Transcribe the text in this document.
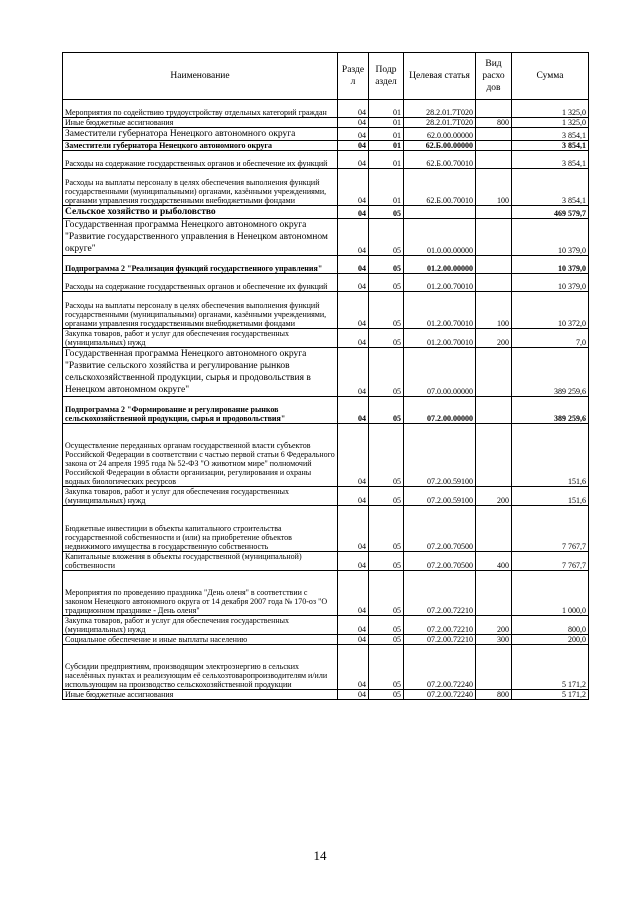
Наименование	Разде л	Подр аздел	Целевая статья	Вид расхо дов	Сумма
Мероприятия по содействию трудоустройству отдельных категорий граждан	04	01	28.2.01.7Т020		1 325,0
Иные бюджетные ассигнования	04	01	28.2.01.7Т020	800	1 325,0
Заместители губернатора Ненецкого автономного округа	04	01	62.0.00.00000		3 854,1
Заместители губернатора Ненецкого автономного округа	04	01	62.Б.00.00000		3 854,1
Расходы на содержание государственных органов и обеспечение их функций	04	01	62.Б.00.70010		3 854,1
Расходы на выплаты персоналу в целях обеспечения выполнения функций государственными (муниципальными) органами, казёнными учреждениями, органами управления государственными внебюджетными фондами	04	01	62.Б.00.70010	100	3 854,1
Сельское хозяйство и рыболовство	04	05			469 579,7
Государственная программа Ненецкого автономного округа "Развитие государственного управления в Ненецком автономном округе"	04	05	01.0.00.00000		10 379,0
Подпрограмма 2 "Реализация функций государственного управления"	04	05	01.2.00.00000		10 379,0
Расходы на содержание государственных органов и обеспечение их функций	04	05	01.2.00.70010		10 379,0
Расходы на выплаты персоналу в целях обеспечения выполнения функций государственными (муниципальными) органами, казёнными учреждениями, органами управления государственными внебюджетными фондами	04	05	01.2.00.70010	100	10 372,0
Закупка товаров, работ и услуг для обеспечения государственных (муниципальных) нужд	04	05	01.2.00.70010	200	7,0
Государственная программа Ненецкого автономного округа "Развитие сельского хозяйства и регулирование рынков сельскохозяйственной продукции, сырья и продовольствия в Ненецком автономном округе"	04	05	07.0.00.00000		389 259,6
Подпрограмма 2 "Формирование и регулирование рынков сельскохозяйственной продукции, сырья и продовольствия"	04	05	07.2.00.00000		389 259,6
Осуществление переданных органам государственной власти субъектов Российской Федерации в соответствии с частью первой статьи 6 Федерального закона от 24 апреля 1995 года № 52-ФЗ "О животном мире" полномочий Российской Федерации в области организации, регулирования и охраны водных биологических ресурсов	04	05	07.2.00.59100		151,6
Закупка товаров, работ и услуг для обеспечения государственных (муниципальных) нужд	04	05	07.2.00.59100	200	151,6
Бюджетные инвестиции в объекты капитального строительства государственной собственности и (или) на приобретение объектов недвижимого имущества в государственную собственность	04	05	07.2.00.70500		7 767,7
Капитальные вложения в объекты государственной (муниципальной) собственности	04	05	07.2.00.70500	400	7 767,7
Мероприятия по проведению праздника "День оленя" в соответствии с законом Ненецкого автономного округа от 14 декабря 2007 года № 170-оз "О традиционном празднике - День оленя"	04	05	07.2.00.72210		1 000,0
Закупка товаров, работ и услуг для обеспечения государственных (муниципальных) нужд	04	05	07.2.00.72210	200	800,0
Социальное обеспечение и иные выплаты населению	04	05	07.2.00.72210	300	200,0
Субсидии предприятиям, производящим электроэнергию в сельских населённых пунктах и реализующим её сельхозтоваропроизводителям и/или использующим на производство сельскохозяйственной продукции	04	05	07.2.00.72240		5 171,2
Иные бюджетные ассигнования	04	05	07.2.00.72240	800	5 171,2
14
